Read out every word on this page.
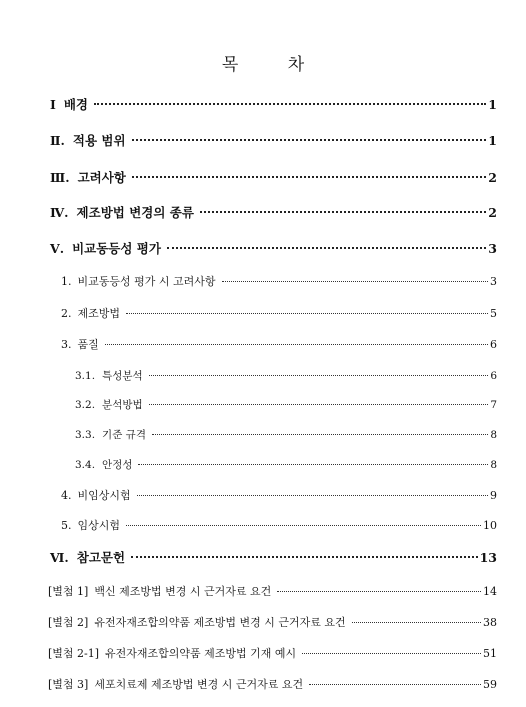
목 차
Ⅰ 배경	1
Ⅱ. 적용 범위	1
Ⅲ. 고려사항	2
Ⅳ. 제조방법 변경의 종류	2
Ⅴ. 비교동등성 평가	3
1. 비교동등성 평가 시 고려사항	3
2. 제조방법	5
3. 품질	6
3.1. 특성분석	6
3.2. 분석방법	7
3.3. 기준 규격	8
3.4. 안정성	8
4. 비임상시험	9
5. 임상시험	10
Ⅵ. 참고문헌	13
[별첨 1] 백신 제조방법 변경 시 근거자료 요건	14
[별첨 2] 유전자재조합의약품 제조방법 변경 시 근거자료 요건	38
[별첨 2-1] 유전자재조합의약품 제조방법 기재 예시	51
[별첨 3] 세포치료제 제조방법 변경 시 근거자료 요건	59
